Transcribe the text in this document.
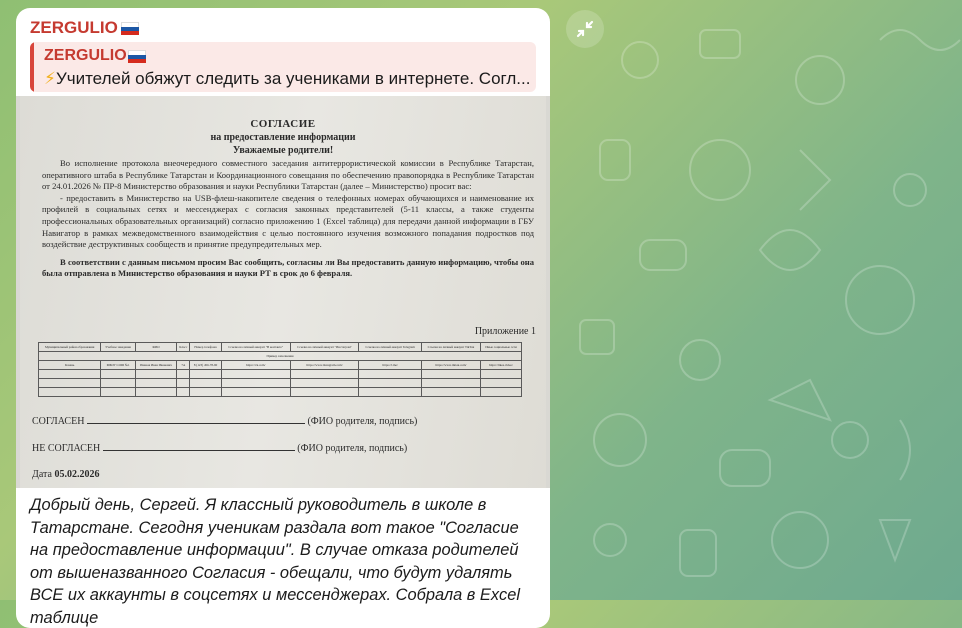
ZERGULIO
ZERGULIO
⚡Учителей обяжут следить за учениками в интернете. Согл...
СОГЛАСИЕ
на предоставление информации
Уважаемые родители!

Во исполнение протокола внеочередного совместного заседания антитеррористической комиссии в Республике Татарстан, оперативного штаба в Республике Татарстан и Координационного совещания по обеспечению правопорядка в Республике Татарстан от 24.01.2026 № ПР-8 Министерство образования и науки Республики Татарстан (далее – Министерство) просит вас:

- предоставить в Министерство на USB-флеш-накопителе сведения о телефонных номерах обучающихся и наименование их профилей в социальных сетях и мессенджерах с согласия законных представителей (5-11 классы, а также студенты профессиональных образовательных организаций) согласно приложению 1 (Excel таблица) для передачи данной информации в ГБУ Навигатор в рамках межведомственного взаимодействия с целью постоянного изучения возможного попадания подростков под воздействие деструктивных сообществ и принятие предупредительных мер.

В соответствии с данным письмом просим Вас сообщить, согласны ли Вы предоставить данную информацию, чтобы она была отправлена в Министерство образования и науки РТ в срок до 6 февраля.

Приложение 1
Муниципальный район образования	Учебное заведение	ФИО	Класс	Номер телефона	Ссылка на личный аккаунт "В контакте"	Ссылка на личный аккаунт "Инстаграм"	Ссылка на личный аккаунт Telegram	Ссылка на личный аккаунт TikTok	Иные социальные сети
Пример заполнения									
Казань	МБОУ СОШ №1	Иванов Иван Иванович	7А	8 (123) 456-78-90	https://vk.com/	https://www.instagram.com/	https://t.me/	https://www.tiktok.com/	https://likee.video/

СОГЛАСЕН	(ФИО родителя, подпись)
НЕ СОГЛАСЕН	(ФИО родителя, подпись)
Дата 05.02.2026
Добрый день, Сергей. Я классный руководитель в школе в Татарстане. Сегодня ученикам раздала вот такое "Согласие на предоставление информации". В случае отказа родителей от вышеназванного Согласия - обещали, что будут удалять ВСЕ их аккаунты в соцсетях и мессенджерах. Собрала в Excel таблице
